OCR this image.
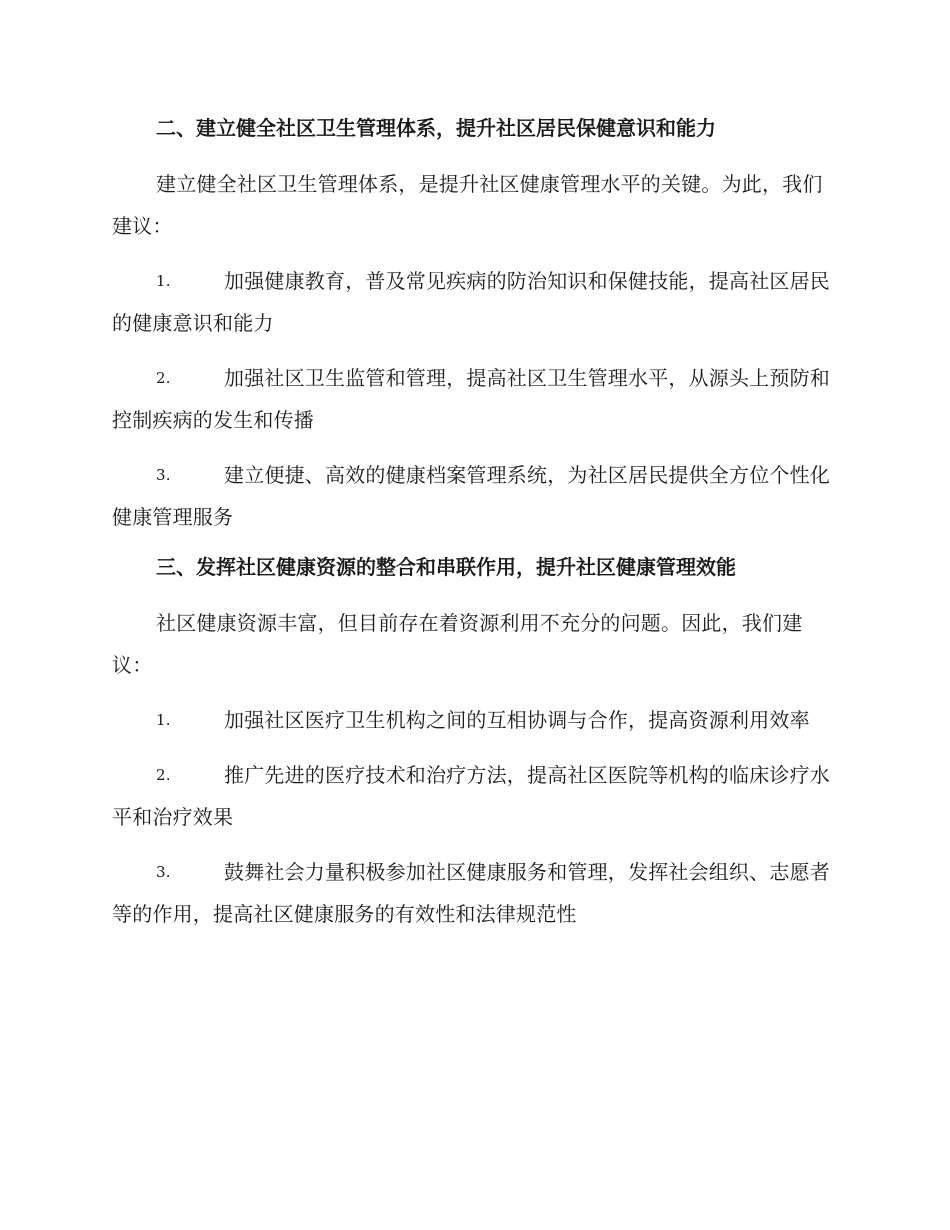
二、建立健全社区卫生管理体系，提升社区居民保健意识和能力
建立健全社区卫生管理体系，是提升社区健康管理水平的关键。为此，我们建议：
1.	加强健康教育，普及常见疾病的防治知识和保健技能，提高社区居民的健康意识和能力
2.	加强社区卫生监管和管理，提高社区卫生管理水平，从源头上预防和控制疾病的发生和传播
3.	建立便捷、高效的健康档案管理系统，为社区居民提供全方位个性化健康管理服务
三、发挥社区健康资源的整合和串联作用，提升社区健康管理效能
社区健康资源丰富，但目前存在着资源利用不充分的问题。因此，我们建议：
1.	加强社区医疗卫生机构之间的互相协调与合作，提高资源利用效率
2.	推广先进的医疗技术和治疗方法，提高社区医院等机构的临床诊疗水平和治疗效果
3.	鼓舞社会力量积极参加社区健康服务和管理，发挥社会组织、志愿者等的作用，提高社区健康服务的有效性和法律规范性
